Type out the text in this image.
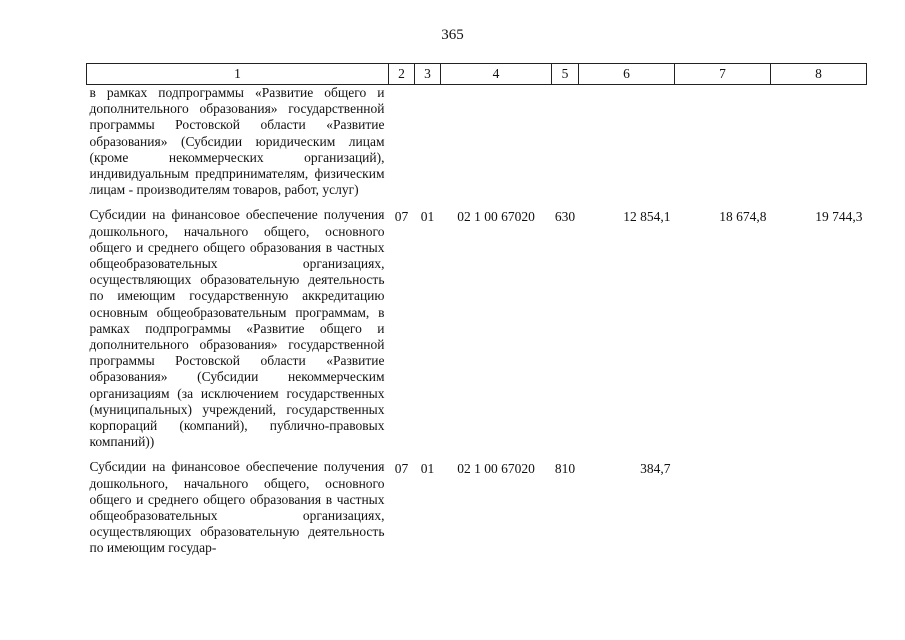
365
1	2	3	4	5	6	7	8
в рамках подпрограммы «Развитие общего и дополнительного образования» государственной программы Ростовской области «Развитие образования» (Субсидии юридическим лицам (кроме некоммерческих организаций), индивидуальным предпринимателям, физическим лицам - производителям товаров, работ, услуг)							
Субсидии на финансовое обеспечение получения дошкольного, начального общего, основного общего и среднего общего образования в частных общеобразовательных организациях, осуществляющих образовательную деятельность по имеющим государственную аккредитацию основным общеобразовательным программам, в рамках подпрограммы «Развитие общего и дополнительного образования» государственной программы Ростовской области «Развитие образования» (Субсидии некоммерческим организациям (за исключением государственных (муниципальных) учреждений, государственных корпораций (компаний), публично-правовых компаний))	07	01	02 1 00 67020	630	12 854,1	18 674,8	19 744,3
Субсидии на финансовое обеспечение получения дошкольного, начального общего, основного общего и среднего общего образования в частных общеобразовательных организациях, осуществляющих образовательную деятельность по имеющим государ-	07	01	02 1 00 67020	810	384,7		
